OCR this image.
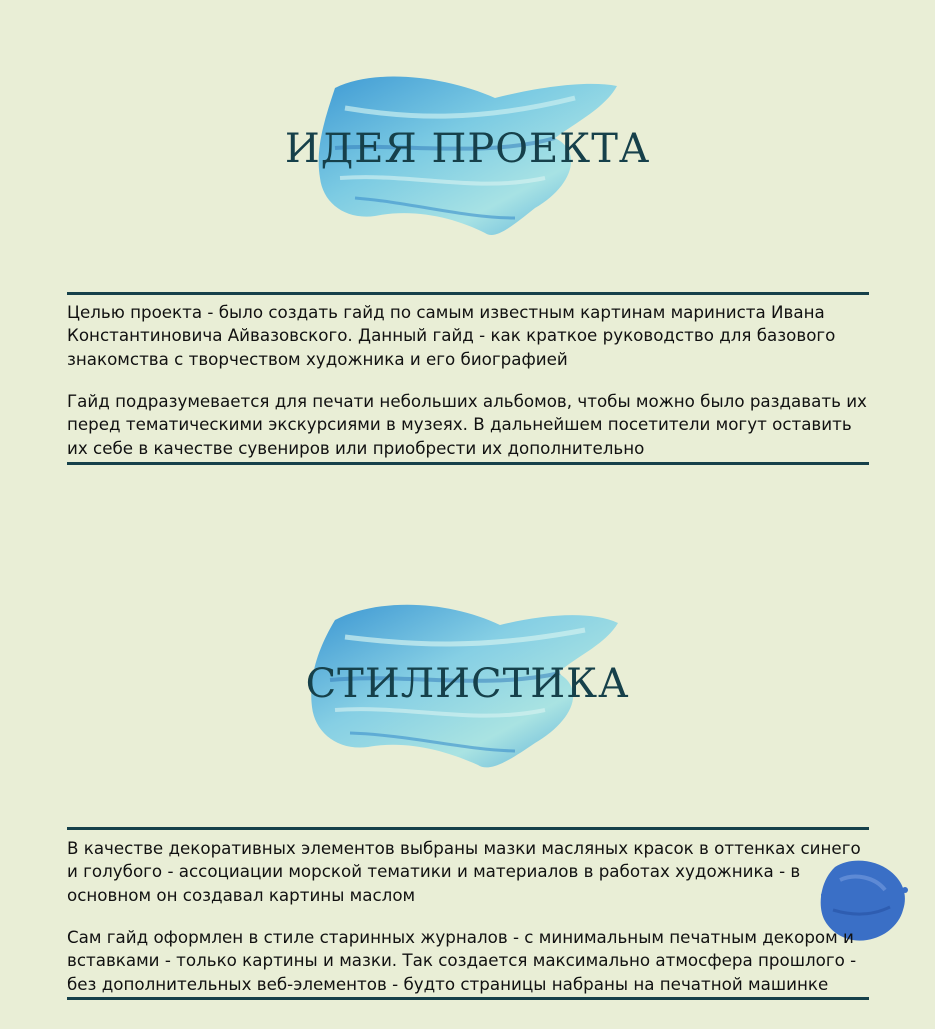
ИДЕЯ ПРОЕКТА

Целью проекта - было создать гайд по самым известным картинам мариниста Ивана
Константиновича Айвазовского. Данный гайд - как краткое руководство для базового
знакомства с творчеством художника и его биографией

Гайд подразумевается для печати небольших альбомов, чтобы можно было раздавать их
перед тематическими экскурсиями в музеях. В дальнейшем посетители могут оставить
их себе в качестве сувениров или приобрести их дополнительно

СТИЛИСТИКА

В качестве декоративных элементов выбраны мазки масляных красок в оттенках синего
и голубого - ассоциации морской тематики и материалов в работах художника - в
основном он создавал картины маслом

Сам гайд оформлен в стиле старинных журналов - с минимальным печатным декором и
вставками - только картины и мазки. Так создается максимально атмосфера прошлого -
без дополнительных веб-элементов - будто страницы набраны на печатной машинке
